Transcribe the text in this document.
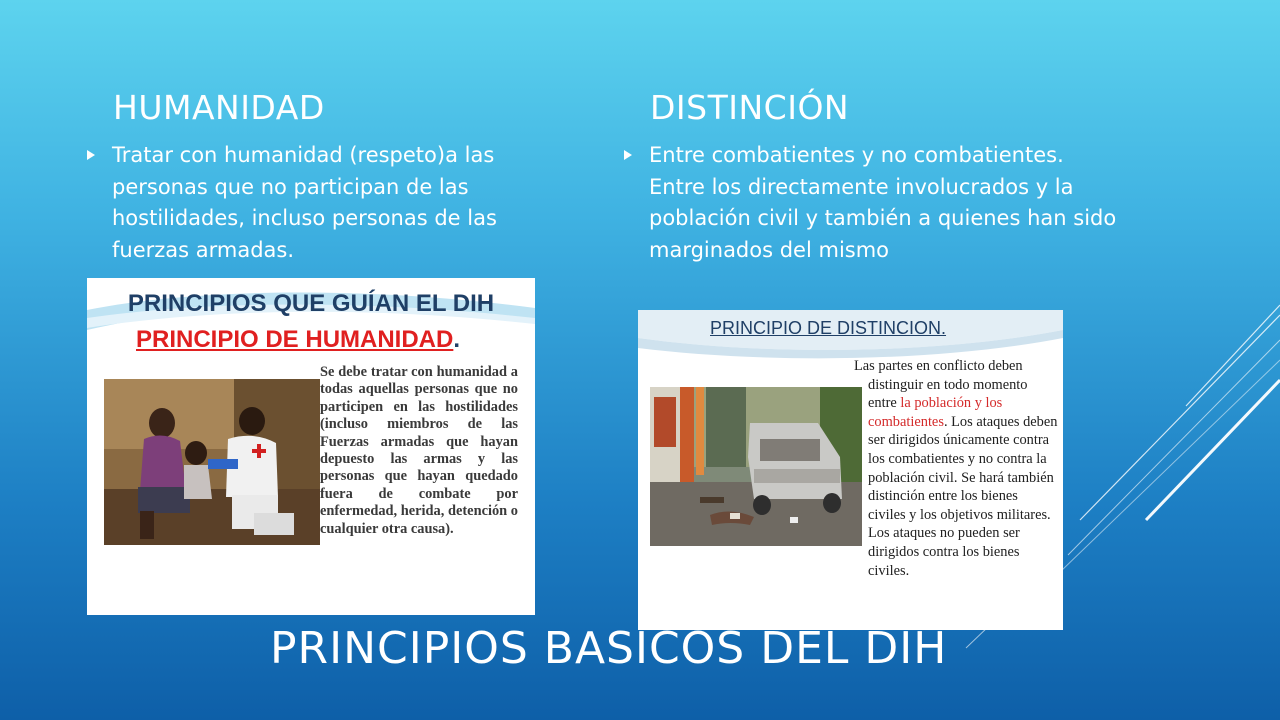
HUMANIDAD
Tratar con humanidad (respeto)a las personas que no participan de las hostilidades, incluso personas de las fuerzas armadas.
DISTINCIÓN
Entre combatientes y no combatientes. Entre los directamente involucrados y la población civil y también a quienes han sido marginados del mismo
PRINCIPIOS QUE GUÍAN EL DIH
PRINCIPIO DE HUMANIDAD.
Se debe tratar con humanidad a todas aquellas personas que no participen en las hostilidades (incluso miembros de las Fuerzas armadas que hayan depuesto las armas y las personas que hayan quedado fuera de combate por enfermedad, herida, detención o cualquier otra causa).
PRINCIPIO DE DISTINCION.
Las partes en conflicto deben
distinguir en todo momento entre la población y los combatientes. Los ataques deben ser dirigidos únicamente contra los combatientes y no contra la población civil. Se hará también distinción entre los bienes civiles y los objetivos militares. Los ataques no pueden ser dirigidos contra los bienes civiles.
PRINCIPIOS BASICOS DEL DIH
